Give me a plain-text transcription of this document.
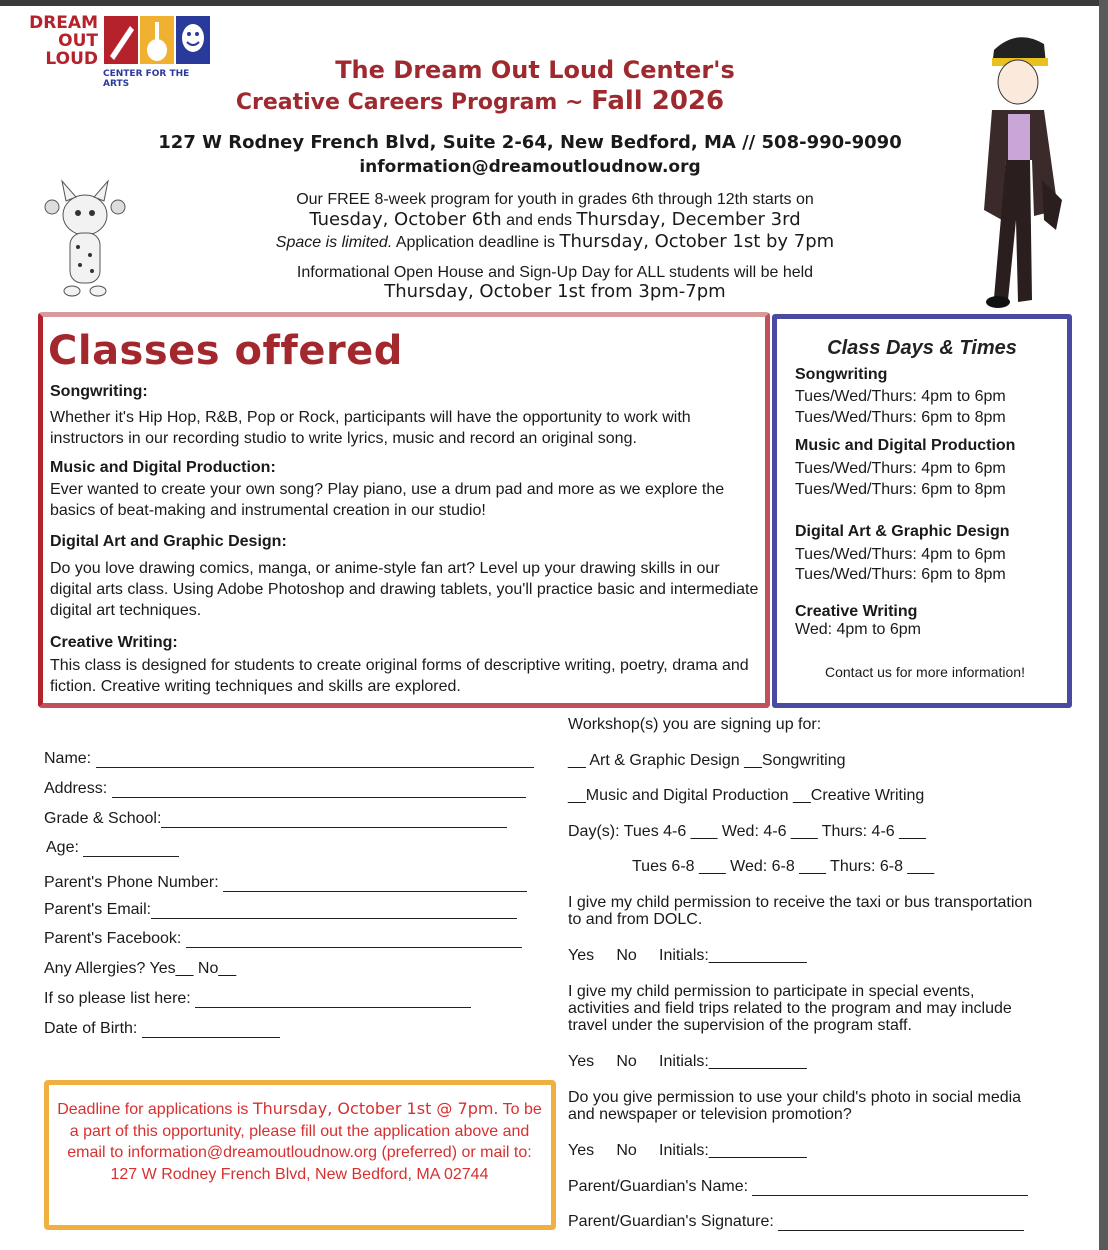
DREAM
OUT
LOUD
CENTER FOR THE ARTS	The Dream Out Loud Center's
Creative Careers Program ~ Fall 2026
127 W Rodney French Blvd, Suite 2-64, New Bedford, MA // 508-990-9090
information@dreamoutloudnow.org
Our FREE 8-week program for youth in grades 6th through 12th starts on
Tuesday, October 6th and ends Thursday, December 3rd
Space is limited. Application deadline is Thursday, October 1st by 7pm
Informational Open House and Sign-Up Day for ALL students will be held
Thursday, October 1st from 3pm-7pm
Classes offered
Songwriting:
Whether it's Hip Hop, R&B, Pop or Rock, participants will have the opportunity to work with instructors in our recording studio to write lyrics, music and record an original song.
Music and Digital Production:
Ever wanted to create your own song? Play piano, use a drum pad and more as we explore the basics of beat-making and instrumental creation in our studio!
Digital Art and Graphic Design:
Do you love drawing comics, manga, or anime-style fan art? Level up your drawing skills in our digital arts class. Using Adobe Photoshop and drawing tablets, you'll practice basic and intermediate digital art techniques.
Creative Writing:
This class is designed for students to create original forms of descriptive writing, poetry, drama and fiction. Creative writing techniques and skills are explored.
Class Days & Times
Songwriting
Tues/Wed/Thurs: 4pm to 6pm
Tues/Wed/Thurs: 6pm to 8pm
Music and Digital Production
Tues/Wed/Thurs: 4pm to 6pm
Tues/Wed/Thurs: 6pm to 8pm
Digital Art & Graphic Design
Tues/Wed/Thurs: 4pm to 6pm
Tues/Wed/Thurs: 6pm to 8pm
Creative Writing
Wed: 4pm to 6pm
Contact us for more information!
Name:
Address:
Grade & School:
Age:
Parent's Phone Number:
Parent's Email:
Parent's Facebook:
Any Allergies? Yes__ No__
If so please list here:
Date of Birth:
Deadline for applications is Thursday, October 1st @ 7pm. To be a part of this opportunity, please fill out the application above and email to information@dreamoutloudnow.org (preferred) or mail to: 127 W Rodney French Blvd, New Bedford, MA 02744
Workshop(s) you are signing up for:
__ Art & Graphic Design __Songwriting
__Music and Digital Production __Creative Writing
Day(s): Tues 4-6 ___ Wed: 4-6 ___ Thurs: 4-6 ___
Tues 6-8 ___ Wed: 6-8 ___ Thurs: 6-8 ___
I give my child permission to receive the taxi or bus transportation to and from DOLC.
Yes No Initials:___________
I give my child permission to participate in special events, activities and field trips related to the program and may include travel under the supervision of the program staff.
Yes No Initials:___________
Do you give permission to use your child's photo in social media and newspaper or television promotion?
Yes No Initials:___________
Parent/Guardian's Name:
Parent/Guardian's Signature:
